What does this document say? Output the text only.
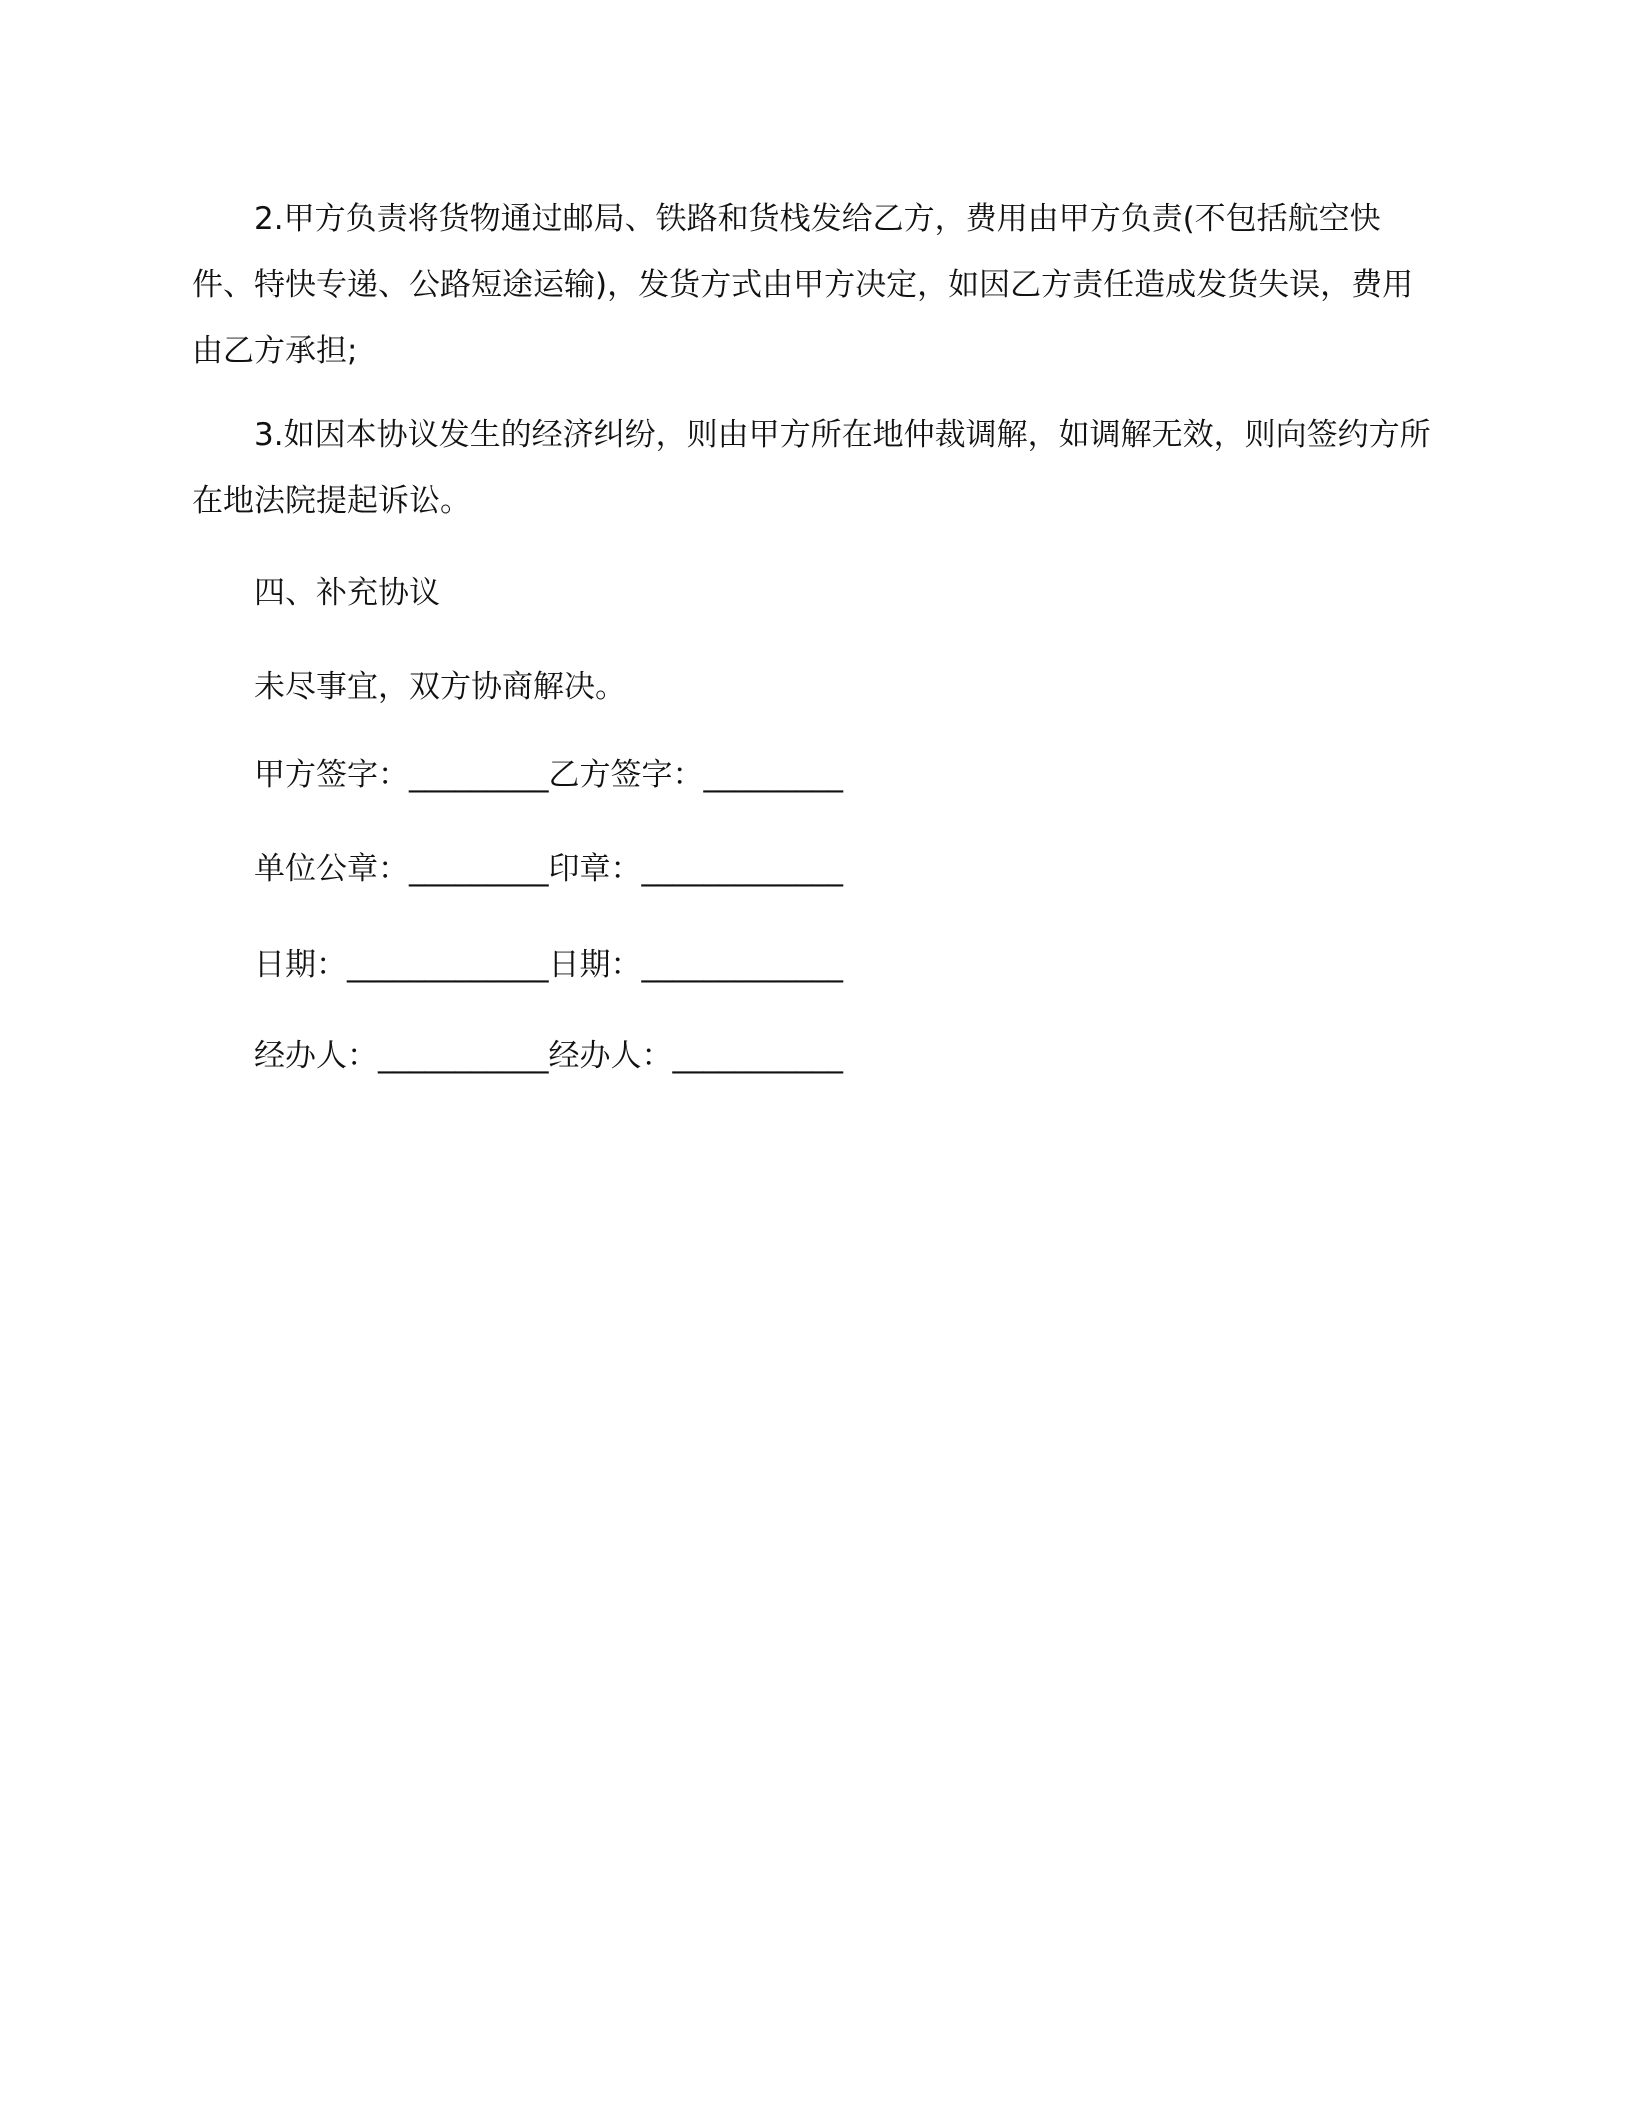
2.甲方负责将货物通过邮局、铁路和货栈发给乙方，费用由甲方负责(不包括航空快件、特快专递、公路短途运输)，发货方式由甲方决定，如因乙方责任造成发货失误，费用由乙方承担;

3.如因本协议发生的经济纠纷，则由甲方所在地仲裁调解，如调解无效，则向签约方所在地法院提起诉讼。

四、补充协议

未尽事宜，双方协商解决。

甲方签字：_________乙方签字：_________
单位公章：_________印章：_____________
日期：_____________日期：_____________
经办人：___________经办人：___________
